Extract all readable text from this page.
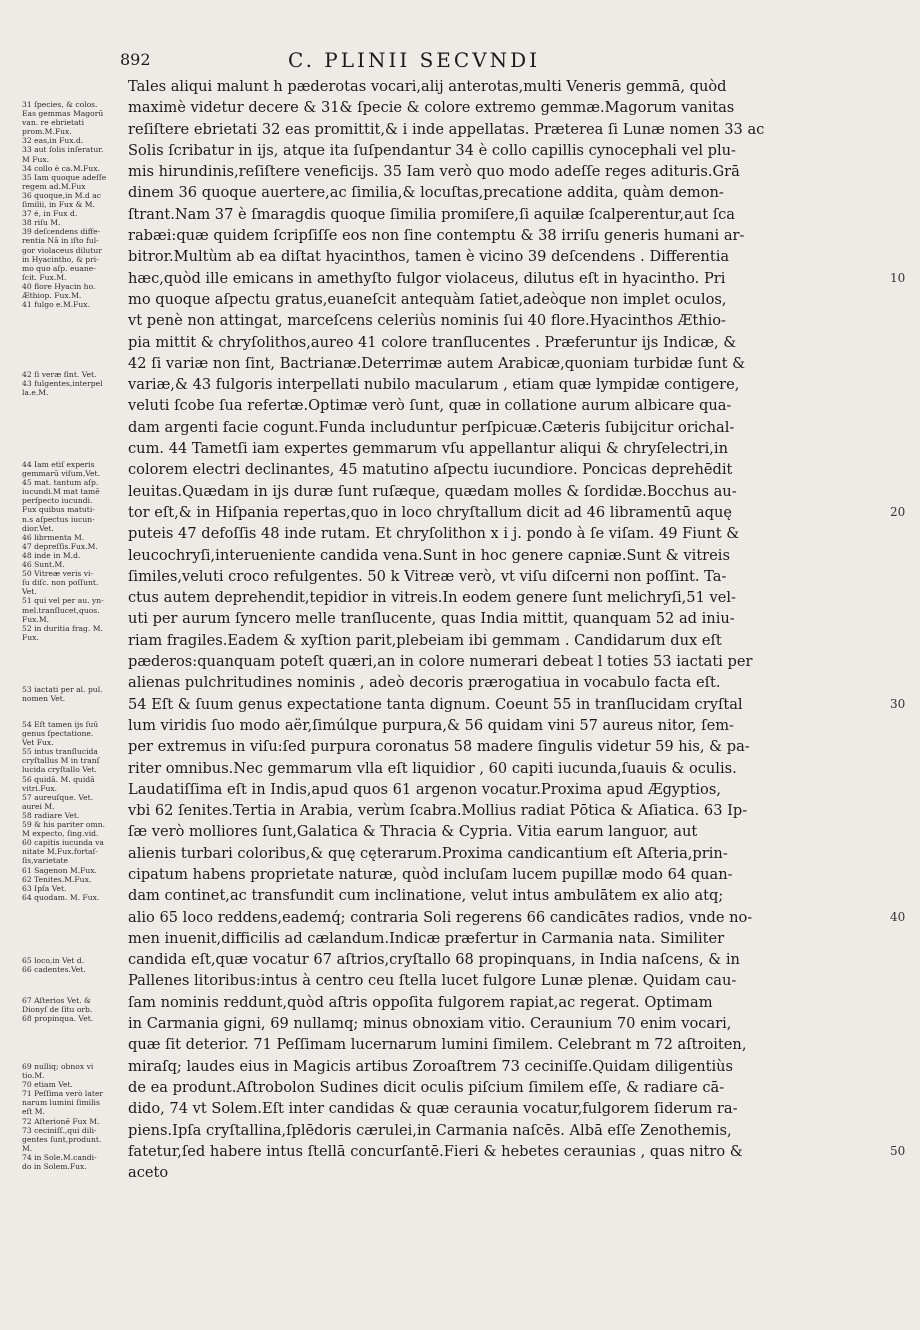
892	C. PLINII SECVNDI
31 ſpecies, & colos.
Eas gemmas Magorū
van. re ebrietati
prom.M.Fux.
32 eas,in Fux.d.
33 aut ſolis inſeratur.
M Fux.
34 collo è ca.M.Fux.
35 Iam quoque adeſſe
regem ad.M.Fux
36 quoque,in M.d ac
ſimilii, in Fux & M.
37 ė, in Fux d.
38 riſu M.
39 deſcendens diffe-
rentia Nā in iſto ful-
gor violaceus dilutur
in Hyacintho, & pri-
mo quo aſp. euane-
ſcit. Fux.M.
40 flore Hyacin ho.
Æthiop. Fux.M.
41 fulgo e.M.Fux.
42 ſi veræ ſint. Vet.
43 fulgentes,interpel
la.e.M.
44 Iam etiſ experis
gemmarū viſum,Vet.
45 mat. tantum aſp.
iucundi.M mat tamē
perſpecto iucundi.
Fux quibus matuti-
n.s aſpectus iucun-
dior.Vet.
46 librmenta M.
47 depreſſis.Fux.M.
48 inde in M.d.
46 Sunt.M.
50 Vitreæ veris vi-
ſu diſc. non poſſunt.
Vet.
51 qui vel per au. yn-
mel.tranſlucet,quos.
Fux.M.
52 in duritia frag. M.
Fux.
53 iactati per al. pul.
nomen Vet.
54 Eſt tamen ijs ſuū
genus ſpectatione.
Vet Fux.
55 intus tranſlucida
cryſtallus M in tranſ
lucida cryſtallo Vet.
56 quidā. M. quidā
vitri.Fux.
57 aureuſque. Vet.
aurei M.
58 radiare Vet.
59 & his pariter omn.
M expecto, ſing.vid.
60 capitis iucunda va
nitate M.Fux.fortaſ-
ſis,varietate
61 Sagenon M.Fux.
62 Tenites.M.Fux.
63 Ipſa Vet.
64 quodam. M. Fux.
65 loco,in Vet d.
66 cadentes.Vet.
67 Aſterios Vet. &
Dionyſ de ſitu orb.
68 propinqua. Vet.
69 nulliq; obnox vi
tio.M.
70 etiam Vet.
71 Peſſima verò later
narum lumini ſimilis
eſt M.
72 Aſterionē Fux M.
73 ceciniſſ.,qui dili-
gentes ſunt,produnt.
M.
74 in Sole.M.candi-
do in Solem.Fux.
10
20
30
40
50
Tales aliqui malunt h pæderotas vocari,alij anterotas,multi Veneris gemmā, quòd
maximè videtur decere & 31& ſpecie & colore extremo gemmæ.Magorum vanitas
reſiſtere ebrietati 32 eas promittit,& i inde appellatas. Præterea ſi Lunæ nomen 33 ac
Solis ſcribatur in ijs, atque ita ſuſpendantur 34 è collo capillis cynocephali vel plu-
mis hirundinis,reſiſtere veneficijs. 35 Iam verò quo modo adeſſe reges adituris.Grā
dinem 36 quoque auertere,ac ſimilia,& locuſtas,precatione addita, quàm demon-
ſtrant.Nam 37 è ſmaragdis quoque ſimilia promiſere,ſi aquilæ ſcalperentur,aut ſca
rabæi:quæ quidem ſcripſiſſe eos non ſine contemptu & 38 irriſu generis humani ar-
bitror.Multùm ab ea diſtat hyacinthos, tamen è vicino 39 deſcendens . Differentia
hæc,quòd ille emicans in amethyſto fulgor violaceus, dilutus eſt in hyacintho. Pri
mo quoque aſpectu gratus,euaneſcit antequàm ſatiet,adeòque non implet oculos,
vt penè non attingat, marceſcens celeriùs nominis ſui 40 flore.Hyacinthos Æthio-
pia mittit & chryſolithos,aureo 41 colore tranſlucentes . Præferuntur ijs Indicæ, &
42 ſi variæ non ſint, Bactrianæ.Deterrimæ autem Arabicæ,quoniam turbidæ ſunt &
variæ,& 43 fulgoris interpellati nubilo macularum , etiam quæ lympidæ contigere,
veluti ſcobe ſua refertæ.Optimæ verò ſunt, quæ in collatione aurum albicare qua-
dam argenti facie cogunt.Funda includuntur perſpicuæ.Cæteris ſubijcitur orichal-
cum. 44 Tametſi iam expertes gemmarum vſu appellantur aliqui & chryſelectri,in
colorem electri declinantes, 45 matutino aſpectu iucundiore. Poncicas deprehēdit
leuitas.Quædam in ijs duræ ſunt ruſæque, quædam molles & ſordidæ.Bocchus au-
tor eſt,& in Hiſpania repertas,quo in loco chryſtallum dicit ad 46 libramentū aquę
puteis 47 defoſſis 48 inde rutam. Et chryſolithon x i j. pondo à ſe viſam. 49 Fiunt &
leucochryſi,interueniente candida vena.Sunt in hoc genere capniæ.Sunt & vitreis
ſimiles,veluti croco refulgentes. 50 k Vitreæ verò, vt viſu diſcerni non poſſint. Ta-
ctus autem deprehendit,tepidior in vitreis.In eodem genere ſunt melichryſi,51 vel-
uti per aurum ſyncero melle tranſlucente, quas India mittit, quanquam 52 ad iniu-
riam fragiles.Eadem & xyſtion parit,plebeiam ibi gemmam . Candidarum dux eſt
pæderos:quanquam poteſt quæri,an in colore numerari debeat l toties 53 iactati per
alienas pulchritudines nominis , adeò decoris prærogatiua in vocabulo facta eſt.
54 Eſt & ſuum genus expectatione tanta dignum. Coeunt 55 in tranſlucidam cryſtal
lum viridis ſuo modo aër,ſimúlque purpura,& 56 quidam vini 57 aureus nitor, ſem-
per extremus in viſu:ſed purpura coronatus 58 madere ſingulis videtur 59 his, & pa-
riter omnibus.Nec gemmarum vlla eſt liquidior , 60 capiti iucunda,ſuauis & oculis.
Laudatiſſima eſt in Indis,apud quos 61 argenon vocatur.Proxima apud Ægyptios,
vbi 62 ſenites.Tertia in Arabia, verùm ſcabra.Mollius radiat Pōtica & Aſiatica. 63 Ip-
ſæ verò molliores ſunt,Galatica & Thracia & Cypria. Vitia earum languor, aut
alienis turbari coloribus,& quę cęterarum.Proxima candicantium eſt Aſteria,prin-
cipatum habens proprietate naturæ, quòd incluſam lucem pupillæ modo 64 quan-
dam continet,ac transfundit cum inclinatione, velut intus ambulātem ex alio atq;
alio 65 loco reddens,eademq́; contraria Soli regerens 66 candicātes radios, vnde no-
men inuenit,difficilis ad cælandum.Indicæ præfertur in Carmania nata. Similiter
candida eſt,quæ vocatur 67 aſtrios,cryſtallo 68 propinquans, in India naſcens, & in
Pallenes litoribus:intus à centro ceu ſtella lucet fulgore Lunæ plenæ. Quidam cau-
ſam nominis reddunt,quòd aſtris oppoſita fulgorem rapiat,ac regerat. Optimam
in Carmania gigni, 69 nullamq; minus obnoxiam vitio. Ceraunium 70 enim vocari,
quæ ſit deterior. 71 Peſſimam lucernarum lumini ſimilem. Celebrant m 72 aſtroiten,
miraſq; laudes eius in Magicis artibus Zoroaſtrem 73 ceciniſſe.Quidam diligentiùs
de ea produnt.Aſtrobolon Sudines dicit oculis piſcium ſimilem eſſe, & radiare cā-
dido, 74 vt Solem.Eſt inter candidas & quæ ceraunia vocatur,fulgorem ſiderum ra-
piens.Ipſa cryſtallina,ſplēdoris cærulei,in Carmania naſcēs. Albā eſſe Zenothemis,
fatetur,ſed habere intus ſtellā concurſantē.Fieri & hebetes ceraunias , quas nitro &
aceto
